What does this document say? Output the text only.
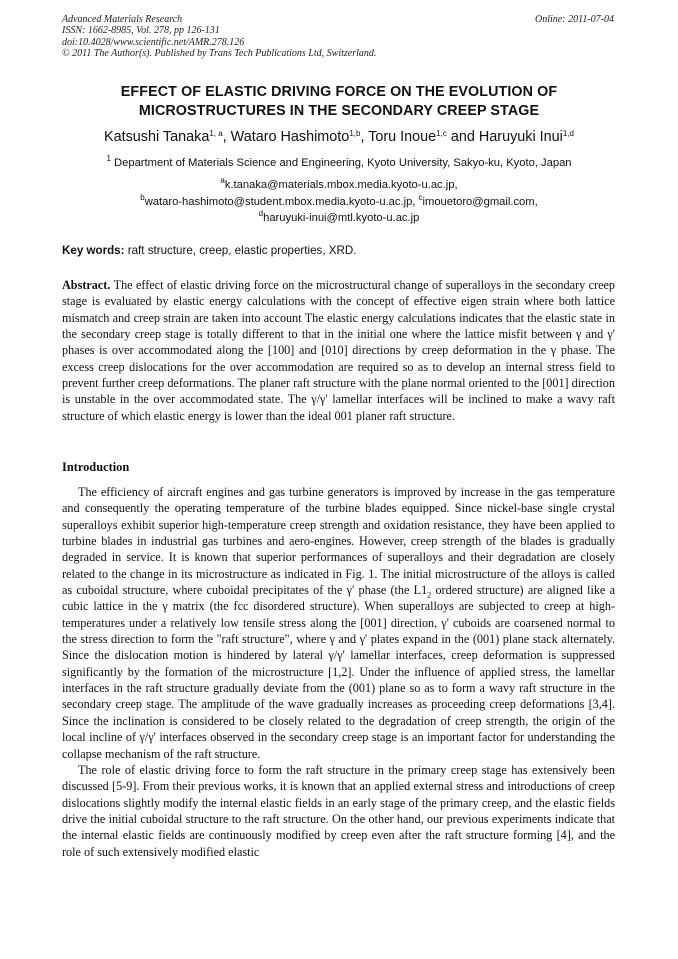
Advanced Materials Research	Online: 2011-07-04
ISSN: 1662-8985, Vol. 278, pp 126-131
doi:10.4028/www.scientific.net/AMR.278.126
© 2011 The Author(s). Published by Trans Tech Publications Ltd, Switzerland.
EFFECT OF ELASTIC DRIVING FORCE ON THE EVOLUTION OF
MICROSTRUCTURES IN THE SECONDARY CREEP STAGE
Katsushi Tanaka$^{1, a}$, Wataro Hashimoto$^{1,b}$, Toru Inoue$^{1,c}$ and Haruyuki Inui$^{1,d}$
$^1$ Department of Materials Science and Engineering, Kyoto University, Sakyo-ku, Kyoto, Japan
$^a$k.tanaka@materials.mbox.media.kyoto-u.ac.jp,
$^b$wataro-hashimoto@student.mbox.media.kyoto-u.ac.jp, $^c$imouetoro@gmail.com,
$^d$haruyuki-inui@mtl.kyoto-u.ac.jp
Key words: raft structure, creep, elastic properties, XRD.
Abstract. The effect of elastic driving force on the microstructural change of superalloys in the secondary creep stage is evaluated by elastic energy calculations with the concept of effective eigen strain where both lattice mismatch and creep strain are taken into account The elastic energy calculations indicates that the elastic state in the secondary creep stage is totally different to that in the initial one where the lattice misfit between γ and γ' phases is over accommodated along the [100] and [010] directions by creep deformation in the γ phase. The excess creep dislocations for the over accommodation are required so as to develop an internal stress field to prevent further creep deformations. The planer raft structure with the plane normal oriented to the [001] direction is unstable in the over accommodated state. The γ/γ' lamellar interfaces will be inclined to make a wavy raft structure of which elastic energy is lower than the ideal 001 planer raft structure.
Introduction

The efficiency of aircraft engines and gas turbine generators is improved by increase in the gas temperature and consequently the operating temperature of the turbine blades equipped. Since nickel-base single crystal superalloys exhibit superior high-temperature creep strength and oxidation resistance, they have been applied to turbine blades in industrial gas turbines and aero-engines. However, creep strength of the blades is gradually degraded in service. It is known that superior performances of superalloys and their degradation are closely related to the change in its microstructure as indicated in Fig. 1. The initial microstructure of the alloys is called as cuboidal structure, where cuboidal precipitates of the γ' phase (the $L1_2$ ordered structure) are aligned like a cubic lattice in the γ matrix (the fcc disordered structure). When superalloys are subjected to creep at high-temperatures under a relatively low tensile stress along the [001] direction, γ' cuboids are coarsened normal to the stress direction to form the "raft structure", where γ and γ' plates expand in the (001) plane stack alternately. Since the dislocation motion is hindered by lateral γ/γ' lamellar interfaces, creep deformation is suppressed significantly by the formation of the microstructure [1,2]. Under the influence of applied stress, the lamellar interfaces in the raft structure gradually deviate from the (001) plane so as to form a wavy raft structure in the secondary creep stage. The amplitude of the wave gradually increases as proceeding creep deformations [3,4]. Since the inclination is considered to be closely related to the degradation of creep strength, the origin of the local incline of γ/γ' interfaces observed in the secondary creep stage is an important factor for understanding the collapse mechanism of the raft structure.

The role of elastic driving force to form the raft structure in the primary creep stage has extensively been discussed [5-9]. From their previous works, it is known that an applied external stress and introductions of creep dislocations slightly modify the internal elastic fields in an early stage of the primary creep, and the elastic fields drive the initial cuboidal structure to the raft structure. On the other hand, our previous experiments indicate that the internal elastic fields are continuously modified by creep even after the raft structure forming [4], and the role of such extensively modified elastic
